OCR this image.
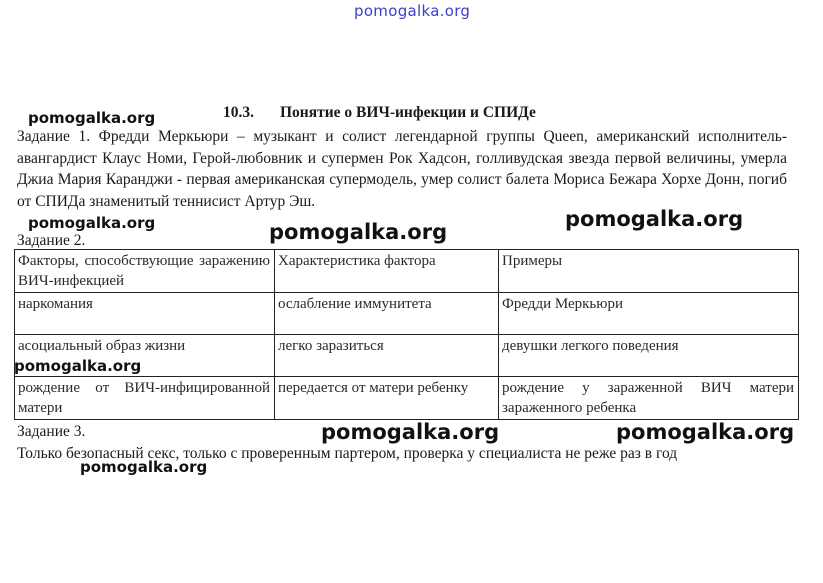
pomogalka.org
10.3. Понятие о ВИЧ-инфекции и СПИДе
Задание 1. Фредди Меркьюри – музыкант и солист легендарной группы Queen, американский исполнитель-авангардист Клаус Номи, Герой-любовник и супермен Рок Хадсон, голливудская звезда первой величины, умерла Джиа Мария Каранджи - первая американская супермодель, умер солист балета Мориса Бежара Хорхе Донн, погиб от СПИДа знаменитый теннисист Артур Эш.
Задание 2.
Факторы, способствующие заражению ВИЧ-инфекцией	Характеристика фактора	Примеры
наркомания	ослабление иммунитета	Фредди Меркьюри
асоциальный образ жизни	легко заразиться	девушки легкого поведения
рождение от ВИЧ-инфицированной матери	передается от матери ребенку	рождение у зараженной ВИЧ матери зараженного ребенка
Задание 3.
Только безопасный секс, только с проверенным партером, проверка у специалиста не реже раз в год
pomogalka.org
pomogalka.org	pomogalka.org
pomogalka.org
pomogalka.org
pomogalka.org	pomogalka.org
pomogalka.org
